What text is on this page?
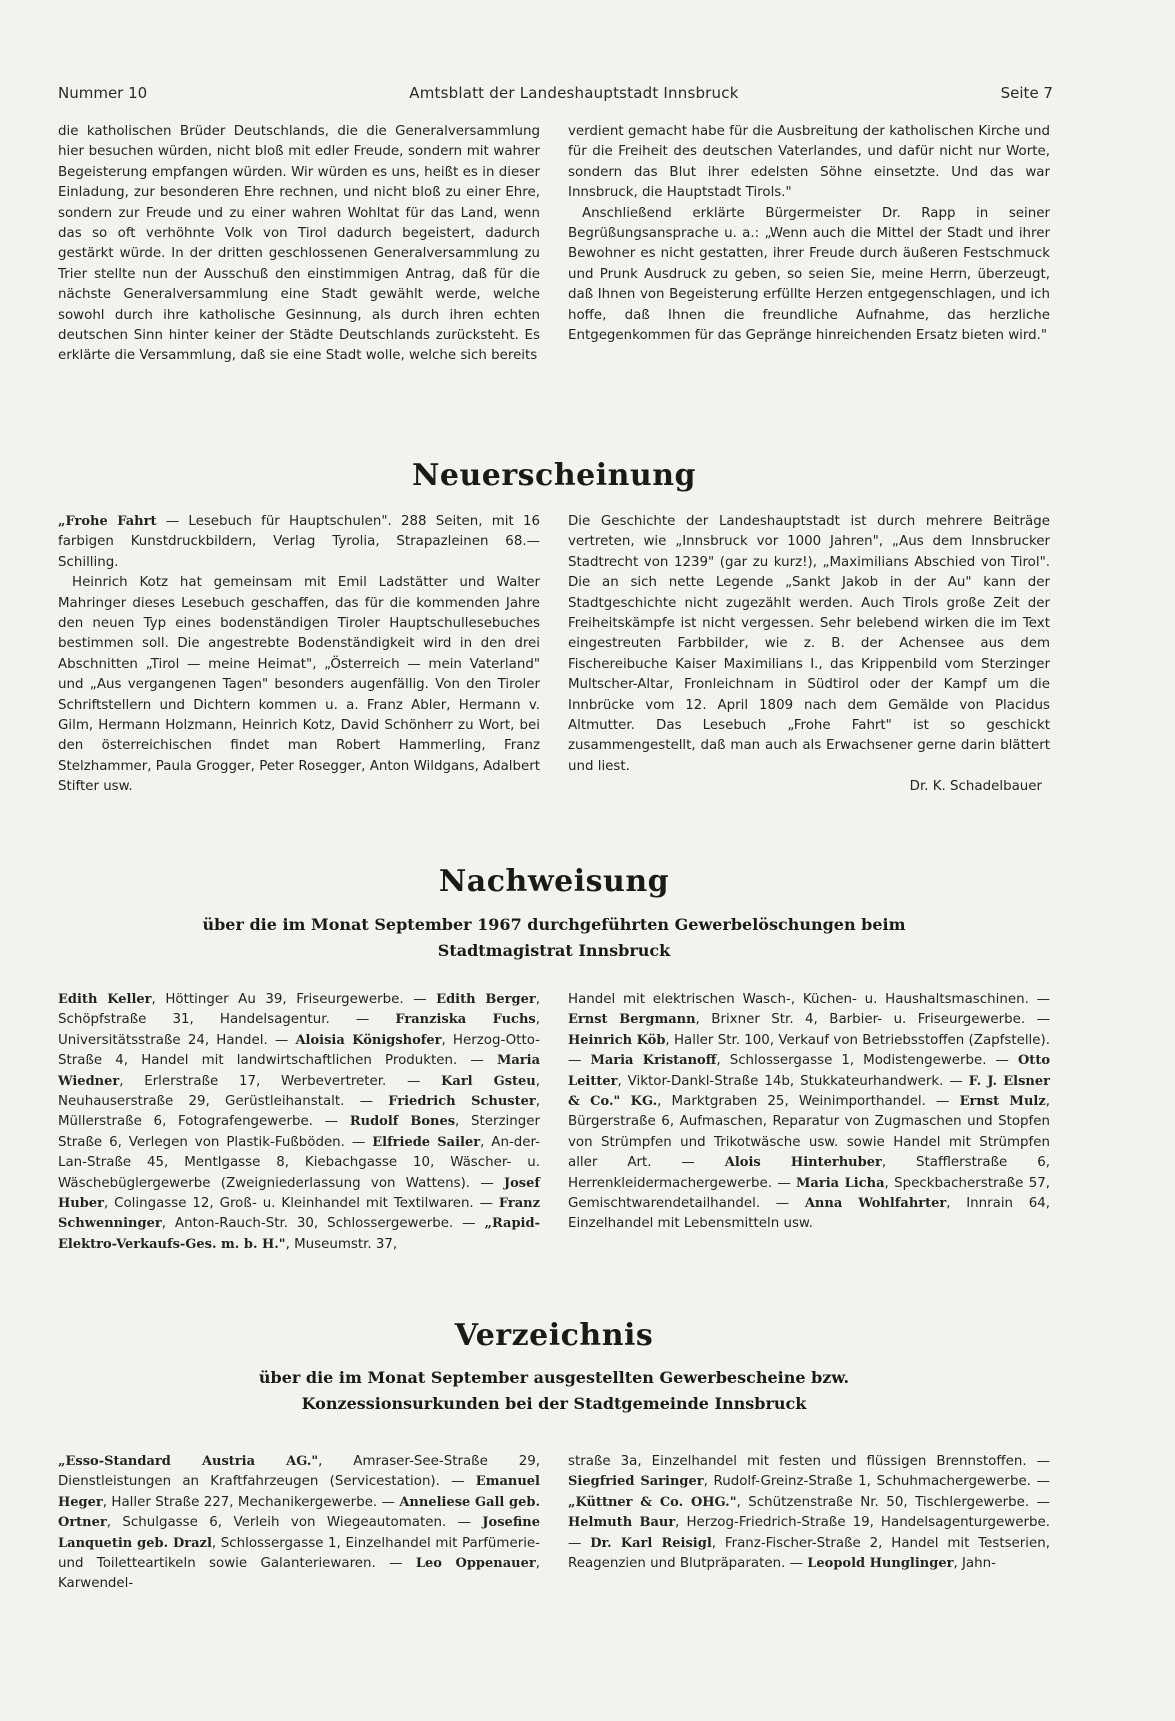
Nummer 10	Amtsblatt der Landeshauptstadt Innsbruck	Seite 7

die katholischen Brüder Deutschlands, die die Generalversammlung hier besuchen würden, nicht bloß mit edler Freude, sondern mit wahrer Begeisterung empfangen würden. Wir würden es uns, heißt es in dieser Einladung, zur besonderen Ehre rechnen, und nicht bloß zu einer Ehre, sondern zur Freude und zu einer wahren Wohltat für das Land, wenn das so oft verhöhnte Volk von Tirol dadurch begeistert, dadurch gestärkt würde. In der dritten geschlossenen Generalversammlung zu Trier stellte nun der Ausschuß den einstimmigen Antrag, daß für die nächste Generalversammlung eine Stadt gewählt werde, welche sowohl durch ihre katholische Gesinnung, als durch ihren echten deutschen Sinn hinter keiner der Städte Deutschlands zurücksteht. Es erklärte die Versammlung, daß sie eine Stadt wolle, welche sich bereits

verdient gemacht habe für die Ausbreitung der katholischen Kirche und für die Freiheit des deutschen Vaterlandes, und dafür nicht nur Worte, sondern das Blut ihrer edelsten Söhne einsetzte. Und das war Innsbruck, die Hauptstadt Tirols."

Anschließend erklärte Bürgermeister Dr. Rapp in seiner Begrüßungsansprache u. a.: „Wenn auch die Mittel der Stadt und ihrer Bewohner es nicht gestatten, ihrer Freude durch äußeren Festschmuck und Prunk Ausdruck zu geben, so seien Sie, meine Herrn, überzeugt, daß Ihnen von Begeisterung erfüllte Herzen entgegenschlagen, und ich hoffe, daß Ihnen die freundliche Aufnahme, das herzliche Entgegenkommen für das Gepränge hinreichenden Ersatz bieten wird."

Neuerscheinung

„Frohe Fahrt — Lesebuch für Hauptschulen". 288 Seiten, mit 16 farbigen Kunstdruckbildern, Verlag Tyrolia, Strapazleinen 68.— Schilling.

Heinrich Kotz hat gemeinsam mit Emil Ladstätter und Walter Mahringer dieses Lesebuch geschaffen, das für die kommenden Jahre den neuen Typ eines bodenständigen Tiroler Hauptschullesebuches bestimmen soll. Die angestrebte Bodenständigkeit wird in den drei Abschnitten „Tirol — meine Heimat", „Österreich — mein Vaterland" und „Aus vergangenen Tagen" besonders augenfällig. Von den Tiroler Schriftstellern und Dichtern kommen u. a. Franz Abler, Hermann v. Gilm, Hermann Holzmann, Heinrich Kotz, David Schönherr zu Wort, bei den österreichischen findet man Robert Hammerling, Franz Stelzhammer, Paula Grogger, Peter Rosegger, Anton Wildgans, Adalbert Stifter usw.

Die Geschichte der Landeshauptstadt ist durch mehrere Beiträge vertreten, wie „Innsbruck vor 1000 Jahren", „Aus dem Innsbrucker Stadtrecht von 1239" (gar zu kurz!), „Maximilians Abschied von Tirol". Die an sich nette Legende „Sankt Jakob in der Au" kann der Stadtgeschichte nicht zugezählt werden. Auch Tirols große Zeit der Freiheitskämpfe ist nicht vergessen. Sehr belebend wirken die im Text eingestreuten Farbbilder, wie z. B. der Achensee aus dem Fischereibuche Kaiser Maximilians I., das Krippenbild vom Sterzinger Multscher-Altar, Fronleichnam in Südtirol oder der Kampf um die Innbrücke vom 12. April 1809 nach dem Gemälde von Placidus Altmutter. Das Lesebuch „Frohe Fahrt" ist so geschickt zusammengestellt, daß man auch als Erwachsener gerne darin blättert und liest.

Dr. K. Schadelbauer

Nachweisung
über die im Monat September 1967 durchgeführten Gewerbelöschungen beim
Stadtmagistrat Innsbruck

Edith Keller, Höttinger Au 39, Friseurgewerbe. — Edith Berger, Schöpfstraße 31, Handelsagentur. — Franziska Fuchs, Universitätsstraße 24, Handel. — Aloisia Königshofer, Herzog-Otto-Straße 4, Handel mit landwirtschaftlichen Produkten. — Maria Wiedner, Erlerstraße 17, Werbevertreter. — Karl Gsteu, Neuhauserstraße 29, Gerüstleihanstalt. — Friedrich Schuster, Müllerstraße 6, Fotografengewerbe. — Rudolf Bones, Sterzinger Straße 6, Verlegen von Plastik-Fußböden. — Elfriede Sailer, An-der-Lan-Straße 45, Mentlgasse 8, Kiebachgasse 10, Wäscher- u. Wäschebüglergewerbe (Zweigniederlassung von Wattens). — Josef Huber, Colingasse 12, Groß- u. Kleinhandel mit Textilwaren. — Franz Schwenninger, Anton-Rauch-Str. 30, Schlossergewerbe. — „Rapid-Elektro-Verkaufs-Ges. m. b. H.", Museumstr. 37,

Handel mit elektrischen Wasch-, Küchen- u. Haushaltsmaschinen. — Ernst Bergmann, Brixner Str. 4, Barbier- u. Friseurgewerbe. — Heinrich Köb, Haller Str. 100, Verkauf von Betriebsstoffen (Zapfstelle). — Maria Kristanoff, Schlossergasse 1, Modistengewerbe. — Otto Leitter, Viktor-Dankl-Straße 14b, Stukkateurhandwerk. — F. J. Elsner & Co." KG., Marktgraben 25, Weinimporthandel. — Ernst Mulz, Bürgerstraße 6, Aufmaschen, Reparatur von Zugmaschen und Stopfen von Strümpfen und Trikotwäsche usw. sowie Handel mit Strümpfen aller Art. — Alois Hinterhuber, Stafflerstraße 6, Herrenkleidermachergewerbe. — Maria Licha, Speckbacherstraße 57, Gemischtwarendetailhandel. — Anna Wohlfahrter, Innrain 64, Einzelhandel mit Lebensmitteln usw.

Verzeichnis
über die im Monat September ausgestellten Gewerbescheine bzw.
Konzessionsurkunden bei der Stadtgemeinde Innsbruck

„Esso-Standard Austria AG.", Amraser-See-Straße 29, Dienstleistungen an Kraftfahrzeugen (Servicestation). — Emanuel Heger, Haller Straße 227, Mechanikergewerbe. — Anneliese Gall geb. Ortner, Schulgasse 6, Verleih von Wiegeautomaten. — Josefine Lanquetin geb. Drazl, Schlossergasse 1, Einzelhandel mit Parfümerie- und Toiletteartikeln sowie Galanteriewaren. — Leo Oppenauer, Karwendel-

straße 3a, Einzelhandel mit festen und flüssigen Brennstoffen. — Siegfried Saringer, Rudolf-Greinz-Straße 1, Schuhmachergewerbe. — „Küttner & Co. OHG.", Schützenstraße Nr. 50, Tischlergewerbe. — Helmuth Baur, Herzog-Friedrich-Straße 19, Handelsagenturgewerbe. — Dr. Karl Reisigl, Franz-Fischer-Straße 2, Handel mit Testserien, Reagenzien und Blutpräparaten. — Leopold Hunglinger, Jahn-
